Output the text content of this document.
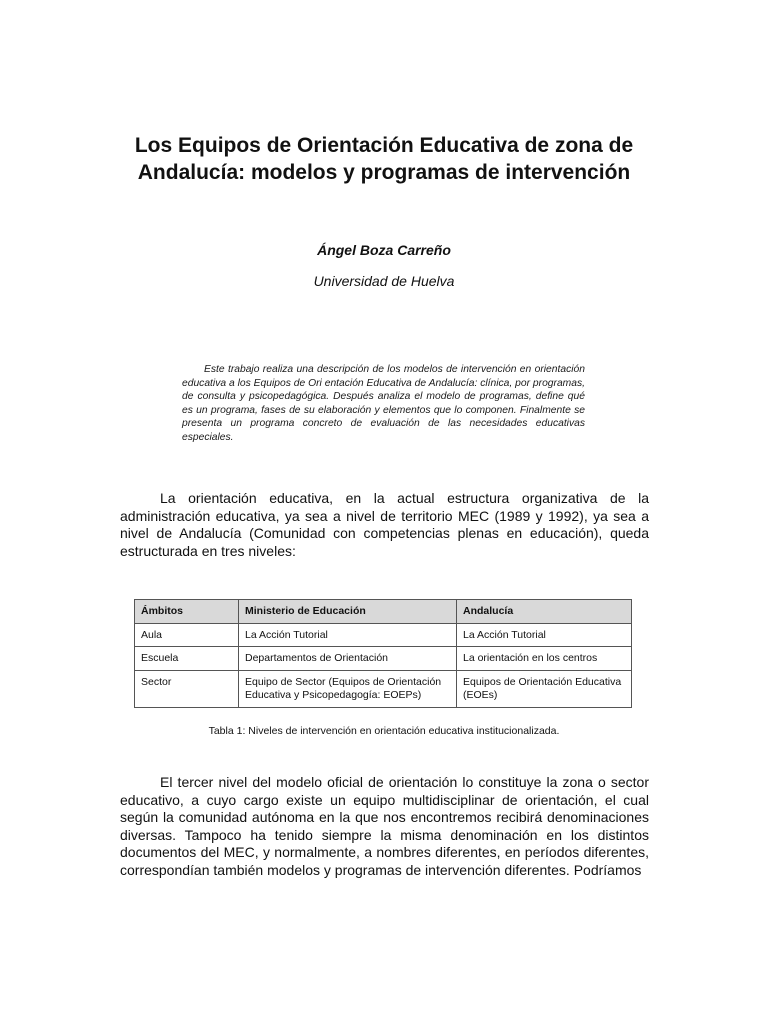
Los Equipos de Orientación Educativa de zona de
Andalucía: modelos y programas de intervención
Ángel Boza Carreño
Universidad de Huelva
Este trabajo realiza una descripción de los modelos de intervención en orientación educativa a los Equipos de Ori entación Educativa de Andalucía: clínica, por programas, de consulta y psicopedagógica. Después analiza el modelo de programas, define qué es un programa, fases de su elaboración y elementos que lo componen. Finalmente se presenta un programa concreto de evaluación de las necesidades educativas especiales.
La orientación educativa, en la actual estructura organizativa de la administración educativa, ya sea a nivel de territorio MEC (1989 y 1992), ya sea a nivel de Andalucía (Comunidad con competencias plenas en educación), queda estructurada en tres niveles:
Ámbitos	Ministerio de Educación	Andalucía
Aula	La Acción Tutorial	La Acción Tutorial
Escuela	Departamentos de Orientación	La orientación en los centros
Sector	Equipo de Sector (Equipos de Orientación Educativa y Psicopedagogía: EOEPs)	Equipos de Orientación Educativa (EOEs)
Tabla 1: Niveles de intervención en orientación educativa institucionalizada.
El tercer nivel del modelo oficial de orientación lo constituye la zona o sector educativo, a cuyo cargo existe un equipo multidisciplinar de orientación, el cual según la comunidad autónoma en la que nos encontremos recibirá denominaciones diversas. Tampoco ha tenido siempre la misma denominación en los distintos documentos del MEC, y normalmente, a nombres diferentes, en períodos diferentes, correspondían también modelos y programas de intervención diferentes. Podríamos
